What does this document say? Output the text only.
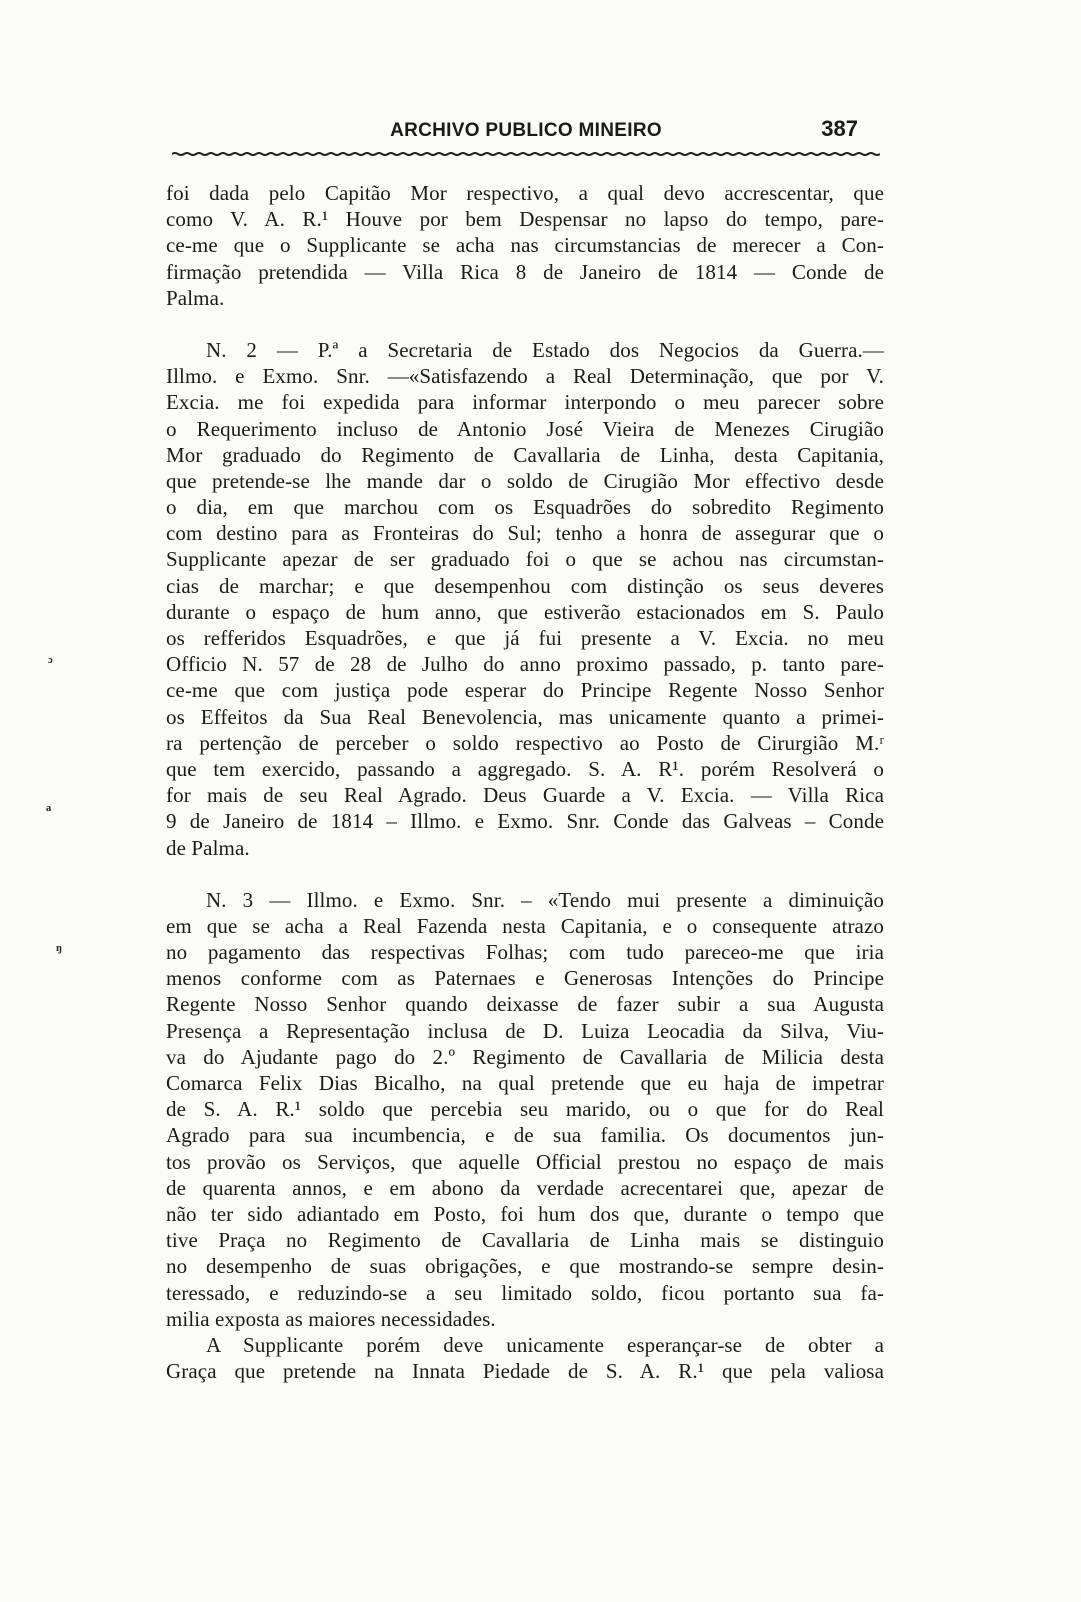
ARCHIVO PUBLICO MINEIRO	387
foi dada pelo Capitão Mor respectivo, a qual devo accrescentar, que
como V. A. R.¹ Houve por bem Despensar no lapso do tempo, pare-
ce-me que o Supplicante se acha nas circumstancias de merecer a Con-
firmação pretendida — Villa Rica 8 de Janeiro de 1814 — Conde de
Palma.
N. 2 — P.ª a Secretaria de Estado dos Negocios da Guerra.—
Illmo. e Exmo. Snr. —«Satisfazendo a Real Determinação, que por V.
Excia. me foi expedida para informar interpondo o meu parecer sobre
o Requerimento incluso de Antonio José Vieira de Menezes Cirugião
Mor graduado do Regimento de Cavallaria de Linha, desta Capitania,
que pretende-se lhe mande dar o soldo de Cirugião Mor effectivo desde
o dia, em que marchou com os Esquadrões do sobredito Regimento
com destino para as Fronteiras do Sul; tenho a honra de assegurar que o
Supplicante apezar de ser graduado foi o que se achou nas circumstan-
cias de marchar; e que desempenhou com distinção os seus deveres
durante o espaço de hum anno, que estiverão estacionados em S. Paulo
os refferidos Esquadrões, e que já fui presente a V. Excia. no meu
Officio N. 57 de 28 de Julho do anno proximo passado, p. tanto pare-
ce-me que com justiça pode esperar do Principe Regente Nosso Senhor
os Effeitos da Sua Real Benevolencia, mas unicamente quanto a primei-
ra pertenção de perceber o soldo respectivo ao Posto de Cirurgião M.ʳ
que tem exercido, passando a aggregado. S. A. R¹. porém Resolverá o
for mais de seu Real Agrado. Deus Guarde a V. Excia. — Villa Rica
9 de Janeiro de 1814 – Illmo. e Exmo. Snr. Conde das Galveas – Conde
de Palma.
N. 3 — Illmo. e Exmo. Snr. – «Tendo mui presente a diminuição
em que se acha a Real Fazenda nesta Capitania, e o consequente atrazo
no pagamento das respectivas Folhas; com tudo pareceo-me que iria
menos conforme com as Paternaes e Generosas Intenções do Principe
Regente Nosso Senhor quando deixasse de fazer subir a sua Augusta
Presença a Representação inclusa de D. Luiza Leocadia da Silva, Viu-
va do Ajudante pago do 2.º Regimento de Cavallaria de Milicia desta
Comarca Felix Dias Bicalho, na qual pretende que eu haja de impetrar
de S. A. R.¹ soldo que percebia seu marido, ou o que for do Real
Agrado para sua incumbencia, e de sua familia. Os documentos jun-
tos provão os Serviços, que aquelle Official prestou no espaço de mais
de quarenta annos, e em abono da verdade acrecentarei que, apezar de
não ter sido adiantado em Posto, foi hum dos que, durante o tempo que
tive Praça no Regimento de Cavallaria de Linha mais se distinguio
no desempenho de suas obrigações, e que mostrando-se sempre desin-
teressado, e reduzindo-se a seu limitado soldo, ficou portanto sua fa-
milia exposta as maiores necessidades.
A Supplicante porém deve unicamente esperançar-se de obter a
Graça que pretende na Innata Piedade de S. A. R.¹ que pela valiosa
ᵓ
ᵃ
ᵑ
